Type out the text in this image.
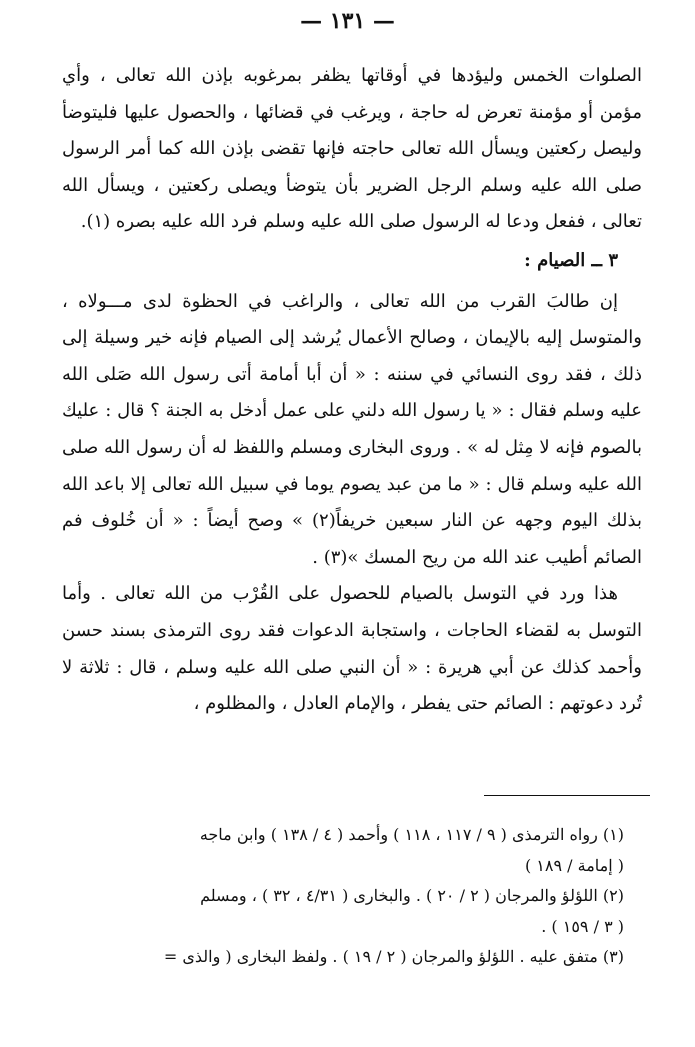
— ١٣١ —

الصلوات الخمس وليؤدها في أوقاتها يظفر بمرغوبه بإذن الله تعالى ، وأي مؤمن أو مؤمنة تعرض له حاجة ، ويرغب في قضائها ، والحصول عليها فليتوضأ وليصل ركعتين ويسأل الله تعالى حاجته فإنها تقضى بإذن الله كما أمر الرسول صلى الله عليه وسلم الرجل الضرير بأن يتوضأ ويصلى ركعتين ، ويسأل الله تعالى ، ففعل ودعا له الرسول صلى الله عليه وسلم فرد الله عليه بصره (١).

٣ ــ الصيام :

إن طالبَ القرب من الله تعالى ، والراغب في الحظوة لدى مـــولاه ، والمتوسل إليه بالإيمان ، وصالح الأعمال يُرشد إلى الصيام فإنه خير وسيلة إلى ذلك ، فقد روى النسائي في سننه : « أن أبا أمامة أتى رسول الله صَلى الله عليه وسلم فقال : « يا رسول الله دلني على عمل أدخل به الجنة ؟ قال : عليك بالصوم فإنه لا مِثل له » . وروى البخارى ومسلم واللفظ له أن رسول الله صلى الله عليه وسلم قال : « ما من عبد يصوم يوما في سبيل الله تعالى إلا باعد الله بذلك اليوم وجهه عن النار سبعين خريفاً(٢) » وصح أيضاً : « أن خُلوف فم الصائم أطيب عند الله من ريح المسك »(٣) .

هذا ورد في التوسل بالصيام للحصول على القُرْب من الله تعالى . وأما التوسل به لقضاء الحاجات ، واستجابة الدعوات فقد روى الترمذى بسند حسن وأحمد كذلك عن أبي هريرة : « أن النبي صلى الله عليه وسلم ، قال : ثلاثة لا تُرد دعوتهم : الصائم حتى يفطر ، والإمام العادل ، والمظلوم ،

(١) رواه الترمذى ( ٩ / ١١٧ ، ١١٨ ) وأحمد ( ٤ / ١٣٨ ) وابن ماجه

( إمامة / ١٨٩ )

(٢) اللؤلؤ والمرجان ( ٢ / ٢٠ ) . والبخارى ( ٤/٣١ ، ٣٢ ) ، ومسلم

( ٣ / ١٥٩ ) .

(٣) متفق عليه . اللؤلؤ والمرجان ( ٢ / ١٩ ) . ولفظ البخارى ( والذى =
